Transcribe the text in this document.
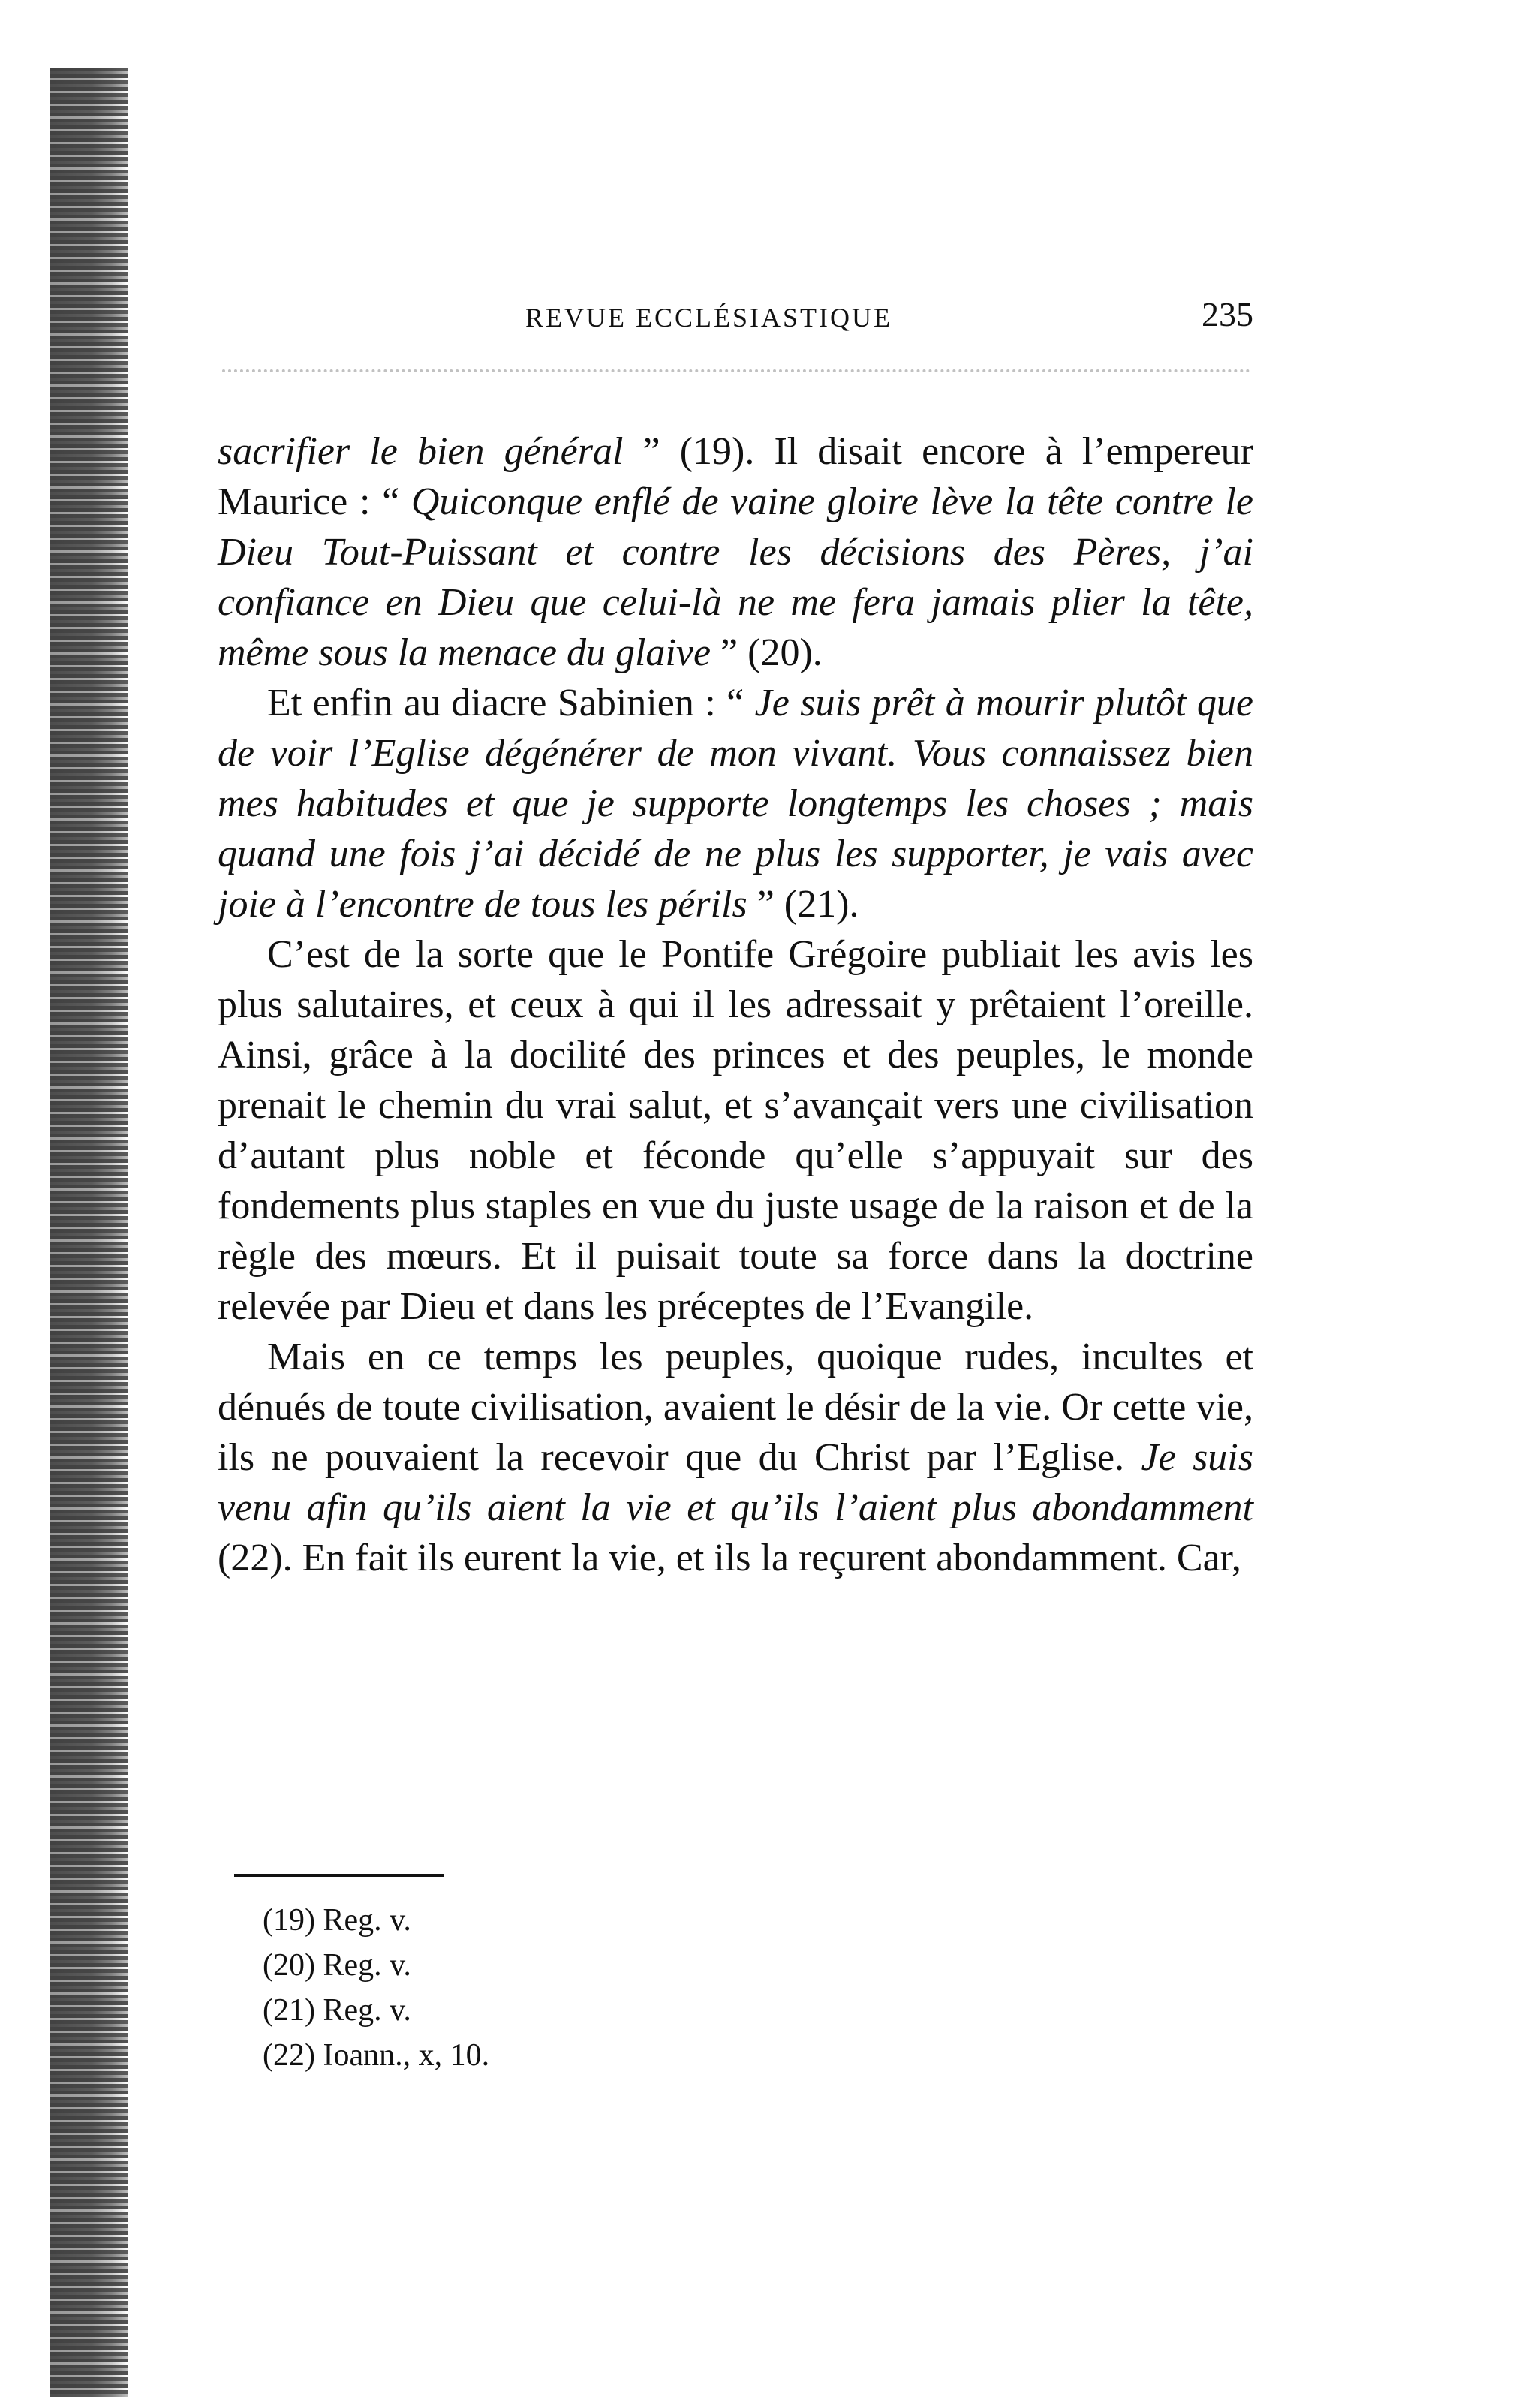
REVUE ECCLÉSIASTIQUE	235

sacrifier le bien général ” (19). Il disait encore à l’empereur Maurice : “ Quiconque enflé de vaine gloire lève la tête contre le Dieu Tout-Puissant et contre les décisions des Pères, j’ai confiance en Dieu que celui-là ne me fera jamais plier la tête, même sous la menace du glaive ” (20).

Et enfin au diacre Sabinien : “ Je suis prêt à mourir plutôt que de voir l’Eglise dégénérer de mon vivant. Vous connaissez bien mes habitudes et que je supporte longtemps les choses ; mais quand une fois j’ai décidé de ne plus les supporter, je vais avec joie à l’encontre de tous les périls ” (21).

C’est de la sorte que le Pontife Grégoire publiait les avis les plus salutaires, et ceux à qui il les adressait y prêtaient l’oreille. Ainsi, grâce à la docilité des princes et des peuples, le monde prenait le chemin du vrai salut, et s’avançait vers une civilisation d’autant plus noble et féconde qu’elle s’appuyait sur des fondements plus staples en vue du juste usage de la raison et de la règle des mœurs. Et il puisait toute sa force dans la doctrine relevée par Dieu et dans les préceptes de l’Evangile.

Mais en ce temps les peuples, quoique rudes, incultes et dénués de toute civilisation, avaient le désir de la vie. Or cette vie, ils ne pouvaient la recevoir que du Christ par l’Eglise. Je suis venu afin qu’ils aient la vie et qu’ils l’aient plus abondamment (22). En fait ils eurent la vie, et ils la reçurent abondamment. Car,

(19) Reg. v.
(20) Reg. v.
(21) Reg. v.
(22) Ioann., x, 10.
